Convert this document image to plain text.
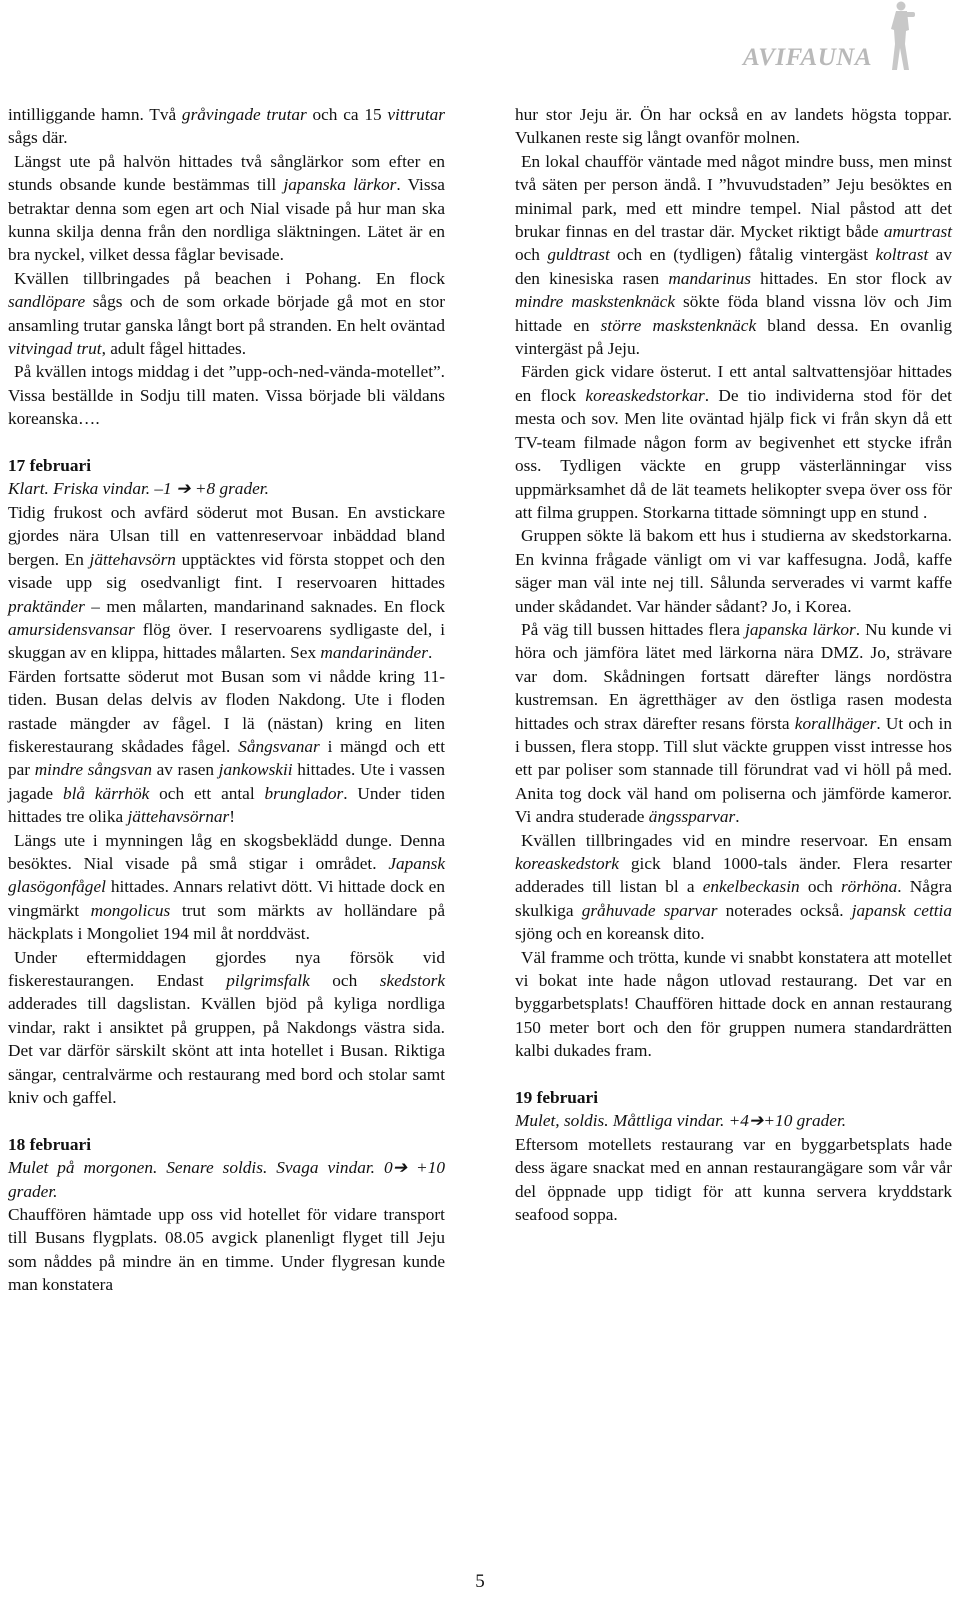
AVIFAUNA

intilliggande hamn. Två gråvingade trutar och ca 15 vittrutar sågs där.

Längst ute på halvön hittades två sånglärkor som efter en stunds obsande kunde bestämmas till japanska lärkor. Vissa betraktar denna som egen art och Nial visade på hur man ska kunna skilja denna från den nordliga släktningen. Lätet är en bra nyckel, vilket dessa fåglar bevisade.

Kvällen tillbringades på beachen i Pohang. En flock sandlöpare sågs och de som orkade började gå mot en stor ansamling trutar ganska långt bort på stranden. En helt oväntad vitvingad trut, adult fågel hittades.

På kvällen intogs middag i det ”upp-och-ned-vända-motellet”. Vissa beställde in Sodju till maten. Vissa började bli väldans koreanska….

17 februari

Klart. Friska vindar. –1 ➔ +8 grader.

Tidig frukost och avfärd söderut mot Busan. En avstickare gjordes nära Ulsan till en vattenreservoar inbäddad bland bergen. En jättehavsörn upptäcktes vid första stoppet och den visade upp sig osedvanligt fint. I reservoaren hittades praktänder – men målarten, mandarinand saknades. En flock amursidensvansar flög över. I reservoarens sydligaste del, i skuggan av en klippa, hittades målarten. Sex mandarinänder.

Färden fortsatte söderut mot Busan som vi nådde kring 11-tiden. Busan delas delvis av floden Nakdong. Ute i floden rastade mängder av fågel. I lä (nästan) kring en liten fiskerestaurang skådades fågel. Sångsvanar i mängd och ett par mindre sångsvan av rasen jankowskii hittades. Ute i vassen jagade blå kärrhök och ett antal brunglador. Under tiden hittades tre olika jättehavsörnar!

Längs ute i mynningen låg en skogsbeklädd dunge. Denna besöktes. Nial visade på små stigar i området. Japansk glasögonfågel hittades. Annars relativt dött. Vi hittade dock en vingmärkt mongolicus trut som märkts av holländare på häckplats i Mongoliet 194 mil åt norddväst.

Under eftermiddagen gjordes nya försök vid fiskerestaurangen. Endast pilgrimsfalk och skedstork adderades till dagslistan. Kvällen bjöd på kyliga nordliga vindar, rakt i ansiktet på gruppen, på Nakdongs västra sida. Det var därför särskilt skönt att inta hotellet i Busan. Riktiga sängar, centralvärme och restaurang med bord och stolar samt kniv och gaffel.

18 februari

Mulet på morgonen. Senare soldis. Svaga vindar. 0➔ +10 grader.

Chauffören hämtade upp oss vid hotellet för vidare transport till Busans flygplats. 08.05 avgick planenligt flyget till Jeju som nåddes på mindre än en timme. Under flygresan kunde man konstatera

hur stor Jeju är. Ön har också en av landets högsta toppar. Vulkanen reste sig långt ovanför molnen.

En lokal chaufför väntade med något mindre buss, men minst två säten per person ändå. I ”hvuvudstaden” Jeju besöktes en minimal park, med ett mindre tempel. Nial påstod att det brukar finnas en del trastar där. Mycket riktigt både amurtrast och guldtrast och en (tydligen) fåtalig vintergäst koltrast av den kinesiska rasen mandarinus hittades. En stor flock av mindre maskstenknäck sökte föda bland vissna löv och Jim hittade en större maskstenknäck bland dessa. En ovanlig vintergäst på Jeju.

Färden gick vidare österut. I ett antal saltvattensjöar hittades en flock koreaskedstorkar. De tio individerna stod för det mesta och sov. Men lite oväntad hjälp fick vi från skyn då ett TV-team filmade någon form av begivenhet ett stycke ifrån oss. Tydligen väckte en grupp västerlänningar viss uppmärksamhet då de lät teamets helikopter svepa över oss för att filma gruppen. Storkarna tittade sömningt upp en stund .

Gruppen sökte lä bakom ett hus i studierna av skedstorkarna. En kvinna frågade vänligt om vi var kaffesugna. Jodå, kaffe säger man väl inte nej till. Sålunda serverades vi varmt kaffe under skådandet. Var händer sådant? Jo, i Korea.

På väg till bussen hittades flera japanska lärkor. Nu kunde vi höra och jämföra lätet med lärkorna nära DMZ. Jo, strävare var dom. Skådningen fortsatt därefter längs nordöstra kustremsan. En ägretthäger av den östliga rasen modesta hittades och strax därefter resans första korallhäger. Ut och in i bussen, flera stopp. Till slut väckte gruppen visst intresse hos ett par poliser som stannade till förundrat vad vi höll på med. Anita tog dock väl hand om poliserna och jämförde kameror. Vi andra studerade ängssparvar.

Kvällen tillbringades vid en mindre reservoar. En ensam koreaskedstork gick bland 1000-tals änder. Flera resarter adderades till listan bl a enkelbeckasin och rörhöna. Några skulkiga gråhuvade sparvar noterades också. japansk cettia sjöng och en koreansk dito.

Väl framme och trötta, kunde vi snabbt konstatera att motellet vi bokat inte hade någon utlovad restaurang. Det var en byggarbetsplats! Chauffören hittade dock en annan restaurang 150 meter bort och den för gruppen numera standardrätten kalbi dukades fram.

19 februari

Mulet, soldis. Måttliga vindar. +4➔+10 grader.

Eftersom motellets restaurang var en byggarbetsplats hade dess ägare snackat med en annan restaurangägare som vår vår del öppnade upp tidigt för att kunna servera kryddstark seafood soppa.

5
